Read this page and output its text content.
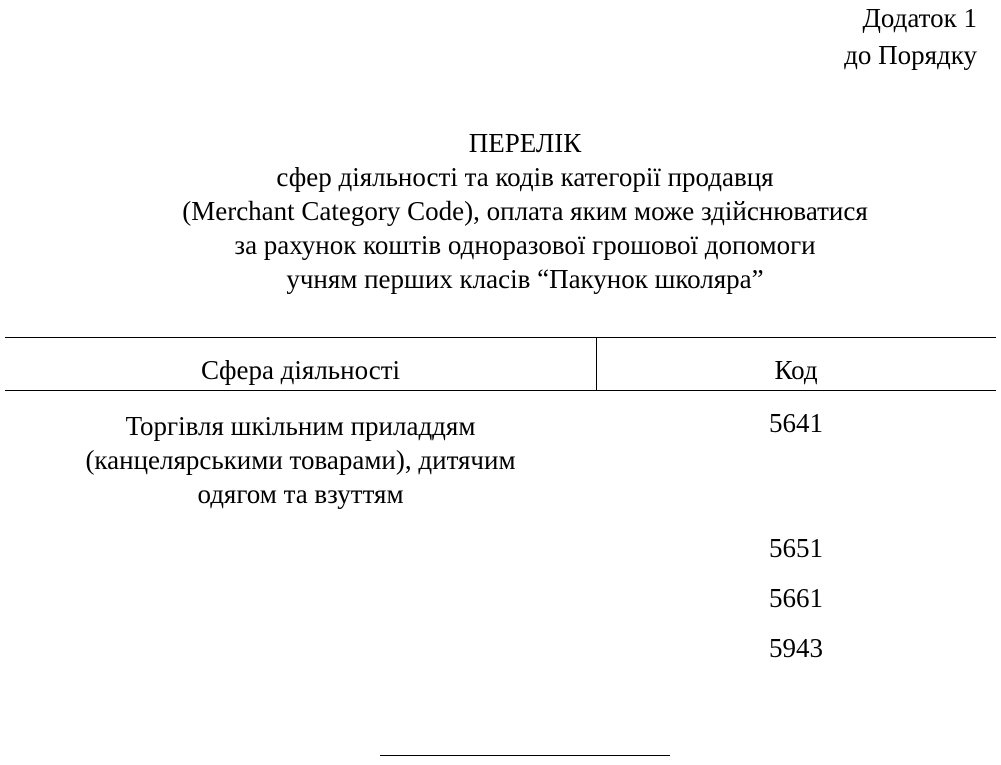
Додаток 1
до Порядку
ПЕРЕЛІК
сфер діяльності та кодів категорії продавця
(Merchant Category Code), оплата яким може здійснюватися
за рахунок коштів одноразової грошової допомоги
учням перших класів “Пакунок школяра”
Сфера діяльності	Код
Торгівля шкільним приладдям
(канцелярськими товарами), дитячим
одягом та взуттям
5641
5651
5661
5943
